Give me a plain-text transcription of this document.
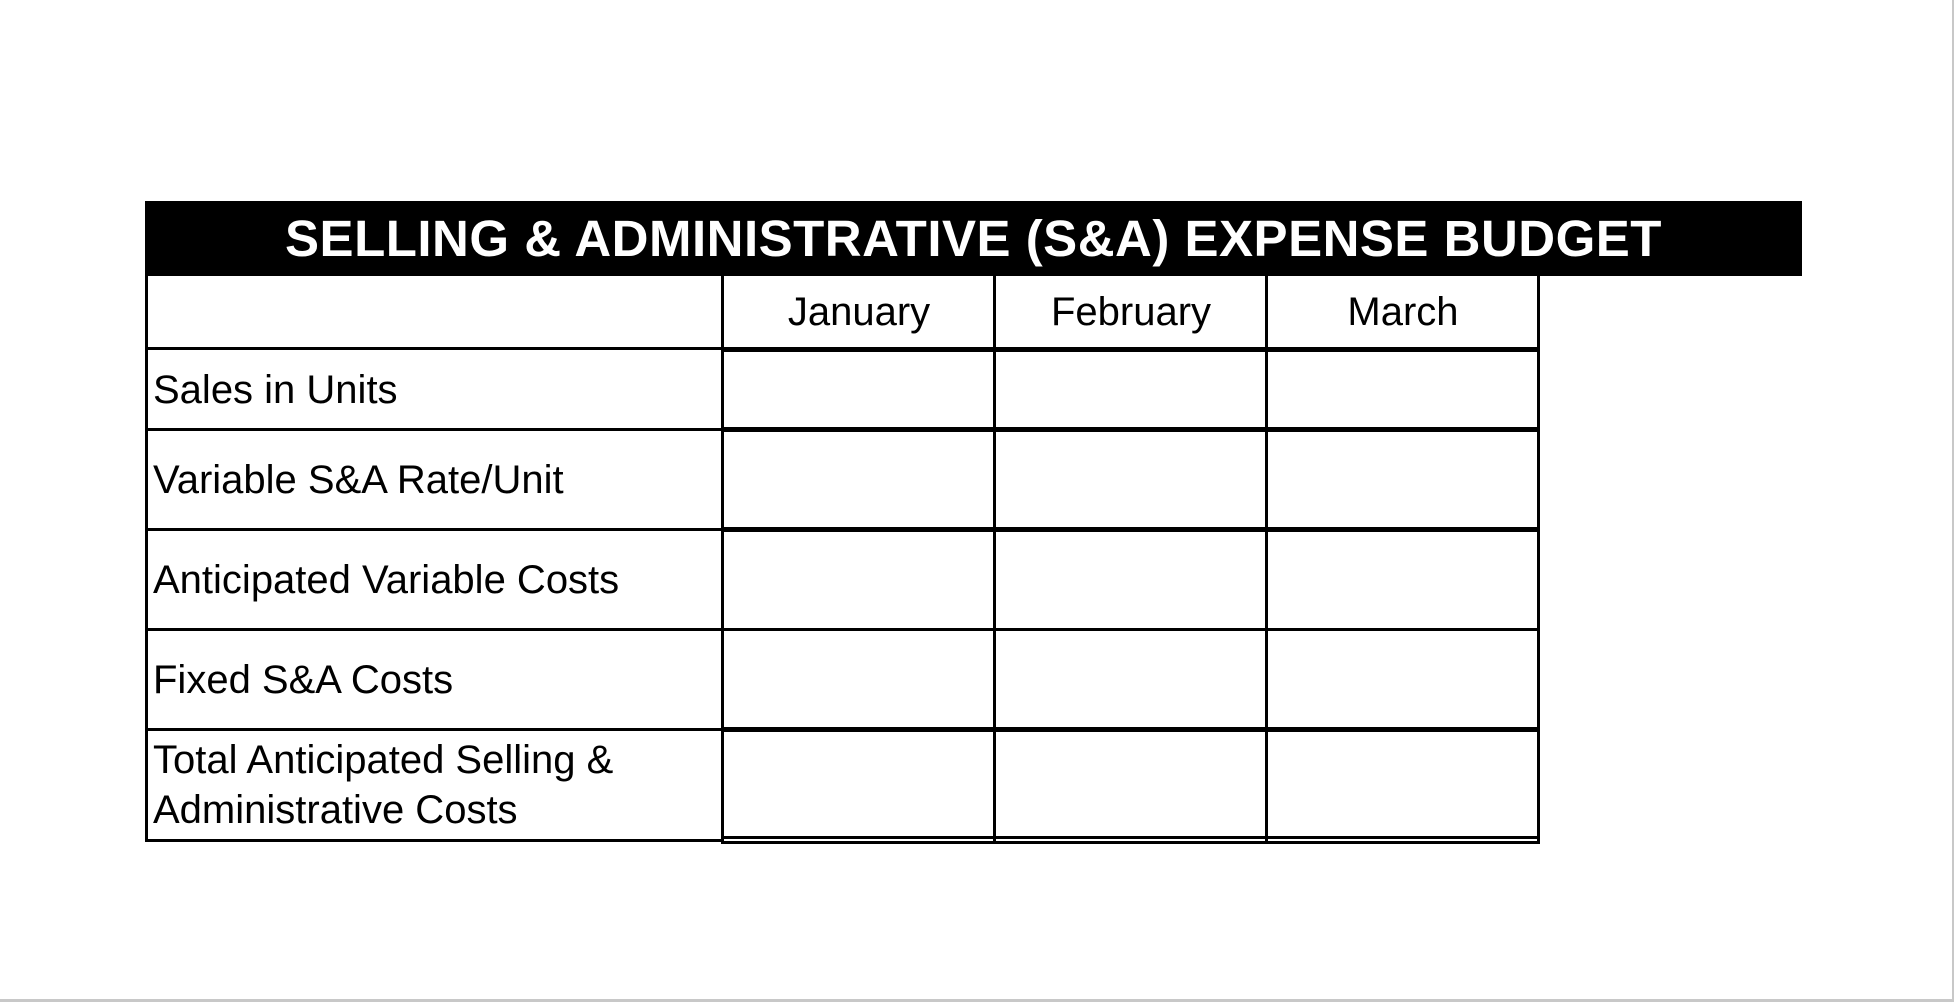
SELLING & ADMINISTRATIVE (S&A) EXPENSE BUDGET
January	February	March
Sales in Units
Variable S&A Rate/Unit
Anticipated Variable Costs
Fixed S&A Costs
Total Anticipated Selling &
Administrative Costs
